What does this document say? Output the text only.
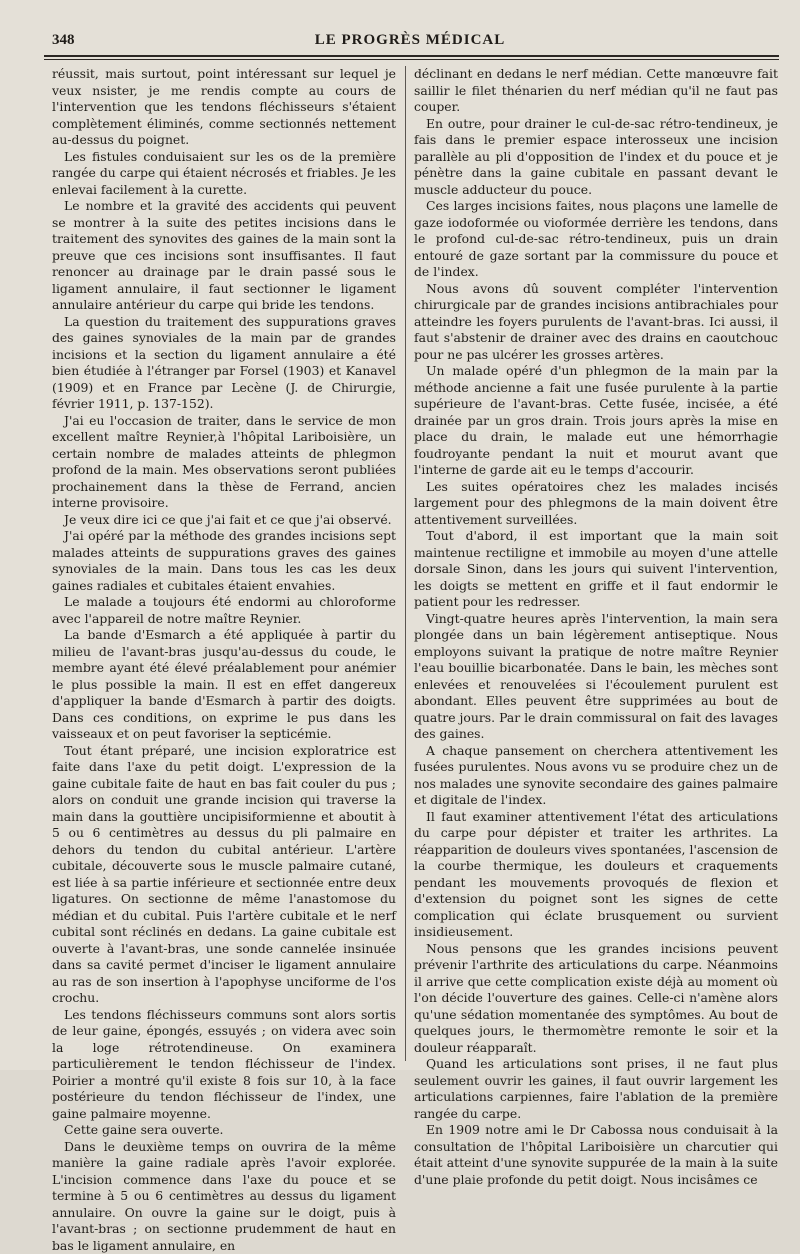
348	LE PROGRÈS MÉDICAL

réussit, mais surtout, point intéressant sur lequel je veux nsister, je me rendis compte au cours de l'intervention que les tendons fléchisseurs s'étaient complètement éliminés, comme sectionnés nettement au-dessus du poignet.

Les fistules conduisaient sur les os de la première rangée du carpe qui étaient nécrosés et friables. Je les enlevai facilement à la curette.

Le nombre et la gravité des accidents qui peuvent se montrer à la suite des petites incisions dans le traitement des synovites des gaines de la main sont la preuve que ces incisions sont insuffisantes. Il faut renoncer au drainage par le drain passé sous le ligament annulaire, il faut sectionner le ligament annulaire antérieur du carpe qui bride les tendons.

La question du traitement des suppurations graves des gaines synoviales de la main par de grandes incisions et la section du ligament annulaire a été bien étudiée à l'étranger par Forsel (1903) et Kanavel (1909) et en France par Lecène (J. de Chirurgie, février 1911, p. 137-152).

J'ai eu l'occasion de traiter, dans le service de mon excellent maître Reynier,à l'hôpital Lariboisière, un certain nombre de malades atteints de phlegmon profond de la main. Mes observations seront publiées prochainement dans la thèse de Ferrand, ancien interne provisoire.

Je veux dire ici ce que j'ai fait et ce que j'ai observé.

J'ai opéré par la méthode des grandes incisions sept malades atteints de suppurations graves des gaines synoviales de la main. Dans tous les cas les deux gaines radiales et cubitales étaient envahies.

Le malade a toujours été endormi au chloroforme avec l'appareil de notre maître Reynier.

La bande d'Esmarch a été appliquée à partir du milieu de l'avant-bras jusqu'au-dessus du coude, le membre ayant été élevé préalablement pour anémier le plus possible la main. Il est en effet dangereux d'appliquer la bande d'Esmarch à partir des doigts. Dans ces conditions, on exprime le pus dans les vaisseaux et on peut favoriser la septicémie.

Tout étant préparé, une incision exploratrice est faite dans l'axe du petit doigt. L'expression de la gaine cubitale faite de haut en bas fait couler du pus ; alors on conduit une grande incision qui traverse la main dans la gouttière uncipisiformienne et aboutit à 5 ou 6 centimètres au dessus du pli palmaire en dehors du tendon du cubital antérieur. L'artère cubitale, découverte sous le muscle palmaire cutané, est liée à sa partie inférieure et sectionnée entre deux ligatures. On sectionne de même l'anastomose du médian et du cubital. Puis l'artère cubitale et le nerf cubital sont réclinés en dedans. La gaine cubitale est ouverte à l'avant-bras, une sonde cannelée insinuée dans sa cavité permet d'inciser le ligament annulaire au ras de son insertion à l'apophyse unciforme de l'os crochu.

Les tendons fléchisseurs communs sont alors sortis de leur gaine, épongés, essuyés ; on videra avec soin la loge rétrotendineuse. On examinera particulièrement le tendon fléchisseur de l'index. Poirier a montré qu'il existe 8 fois sur 10, à la face postérieure du tendon fléchisseur de l'index, une gaine palmaire moyenne.

Cette gaine sera ouverte.

Dans le deuxième temps on ouvrira de la même manière la gaine radiale après l'avoir explorée. L'incision commence dans l'axe du pouce et se termine à 5 ou 6 centimètres au dessus du ligament annulaire. On ouvre la gaine sur le doigt, puis à l'avant-bras ; on sectionne prudemment de haut en bas le ligament annulaire, en

déclinant en dedans le nerf médian. Cette manœuvre fait saillir le filet thénarien du nerf médian qu'il ne faut pas couper.

En outre, pour drainer le cul-de-sac rétro-tendineux, je fais dans le premier espace interosseux une incision parallèle au pli d'opposition de l'index et du pouce et je pénètre dans la gaine cubitale en passant devant le muscle adducteur du pouce.

Ces larges incisions faites, nous plaçons une lamelle de gaze iodoformée ou vioformée derrière les tendons, dans le profond cul-de-sac rétro-tendineux, puis un drain entouré de gaze sortant par la commissure du pouce et de l'index.

Nous avons dû souvent compléter l'intervention chirurgicale par de grandes incisions antibrachiales pour atteindre les foyers purulents de l'avant-bras. Ici aussi, il faut s'abstenir de drainer avec des drains en caoutchouc pour ne pas ulcérer les grosses artères.

Un malade opéré d'un phlegmon de la main par la méthode ancienne a fait une fusée purulente à la partie supérieure de l'avant-bras. Cette fusée, incisée, a été drainée par un gros drain. Trois jours après la mise en place du drain, le malade eut une hémorrhagie foudroyante pendant la nuit et mourut avant que l'interne de garde ait eu le temps d'accourir.

Les suites opératoires chez les malades incisés largement pour des phlegmons de la main doivent être attentivement surveillées.

Tout d'abord, il est important que la main soit maintenue rectiligne et immobile au moyen d'une attelle dorsale Sinon, dans les jours qui suivent l'intervention, les doigts se mettent en griffe et il faut endormir le patient pour les redresser.

Vingt-quatre heures après l'intervention, la main sera plongée dans un bain légèrement antiseptique. Nous employons suivant la pratique de notre maître Reynier l'eau bouillie bicarbonatée. Dans le bain, les mèches sont enlevées et renouvelées si l'écoulement purulent est abondant. Elles peuvent être supprimées au bout de quatre jours. Par le drain commissural on fait des lavages des gaines.

A chaque pansement on cherchera attentivement les fusées purulentes. Nous avons vu se produire chez un de nos malades une synovite secondaire des gaines palmaire et digitale de l'index.

Il faut examiner attentivement l'état des articulations du carpe pour dépister et traiter les arthrites. La réapparition de douleurs vives spontanées, l'ascension de la courbe thermique, les douleurs et craquements pendant les mouvements provoqués de flexion et d'extension du poignet sont les signes de cette complication qui éclate brusquement ou survient insidieusement.

Nous pensons que les grandes incisions peuvent prévenir l'arthrite des articulations du carpe. Néanmoins il arrive que cette complication existe déjà au moment où l'on décide l'ouverture des gaines. Celle-ci n'amène alors qu'une sédation momentanée des symptômes. Au bout de quelques jours, le thermomètre remonte le soir et la douleur réapparaît.

Quand les articulations sont prises, il ne faut plus seulement ouvrir les gaines, il faut ouvrir largement les articulations carpiennes, faire l'ablation de la première rangée du carpe.

En 1909 notre ami le Dr Cabossa nous conduisait à la consultation de l'hôpital Lariboisière un charcutier qui était atteint d'une synovite suppurée de la main à la suite d'une plaie profonde du petit doigt. Nous incisâmes ce
